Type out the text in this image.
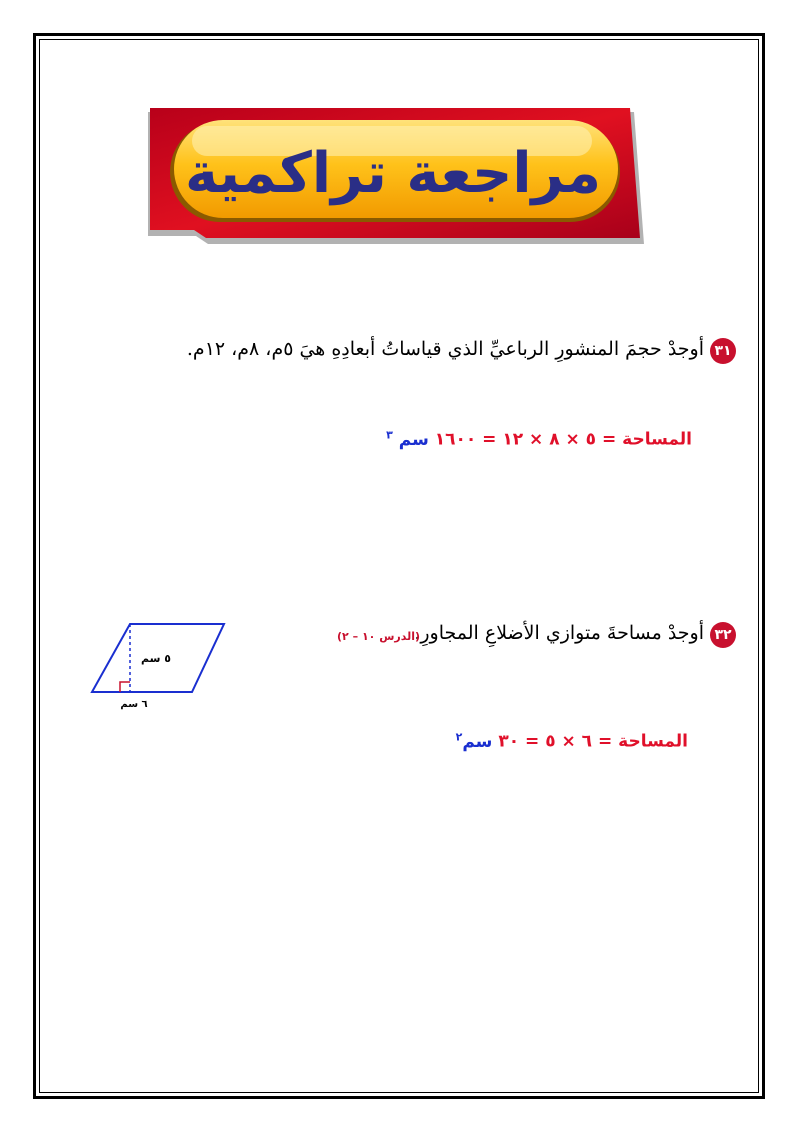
مراجعة تراكمية
٣١
أوجدْ حجمَ المنشورِ الرباعيِّ الذي قياساتُ أبعادِهِ هيَ ٥م، ٨م، ١٢م.
المساحة = ٥ × ٨ × ١٢ = ١٦٠٠ سم $^٣$
٣٢
أوجدْ مساحةَ متوازي الأضلاعِ المجاورِ.
(الدرس ١٠ – ٢)
المساحة = ٦ × ٥ = ٣٠ سم$^٢$
٥ سم
٦ سم
